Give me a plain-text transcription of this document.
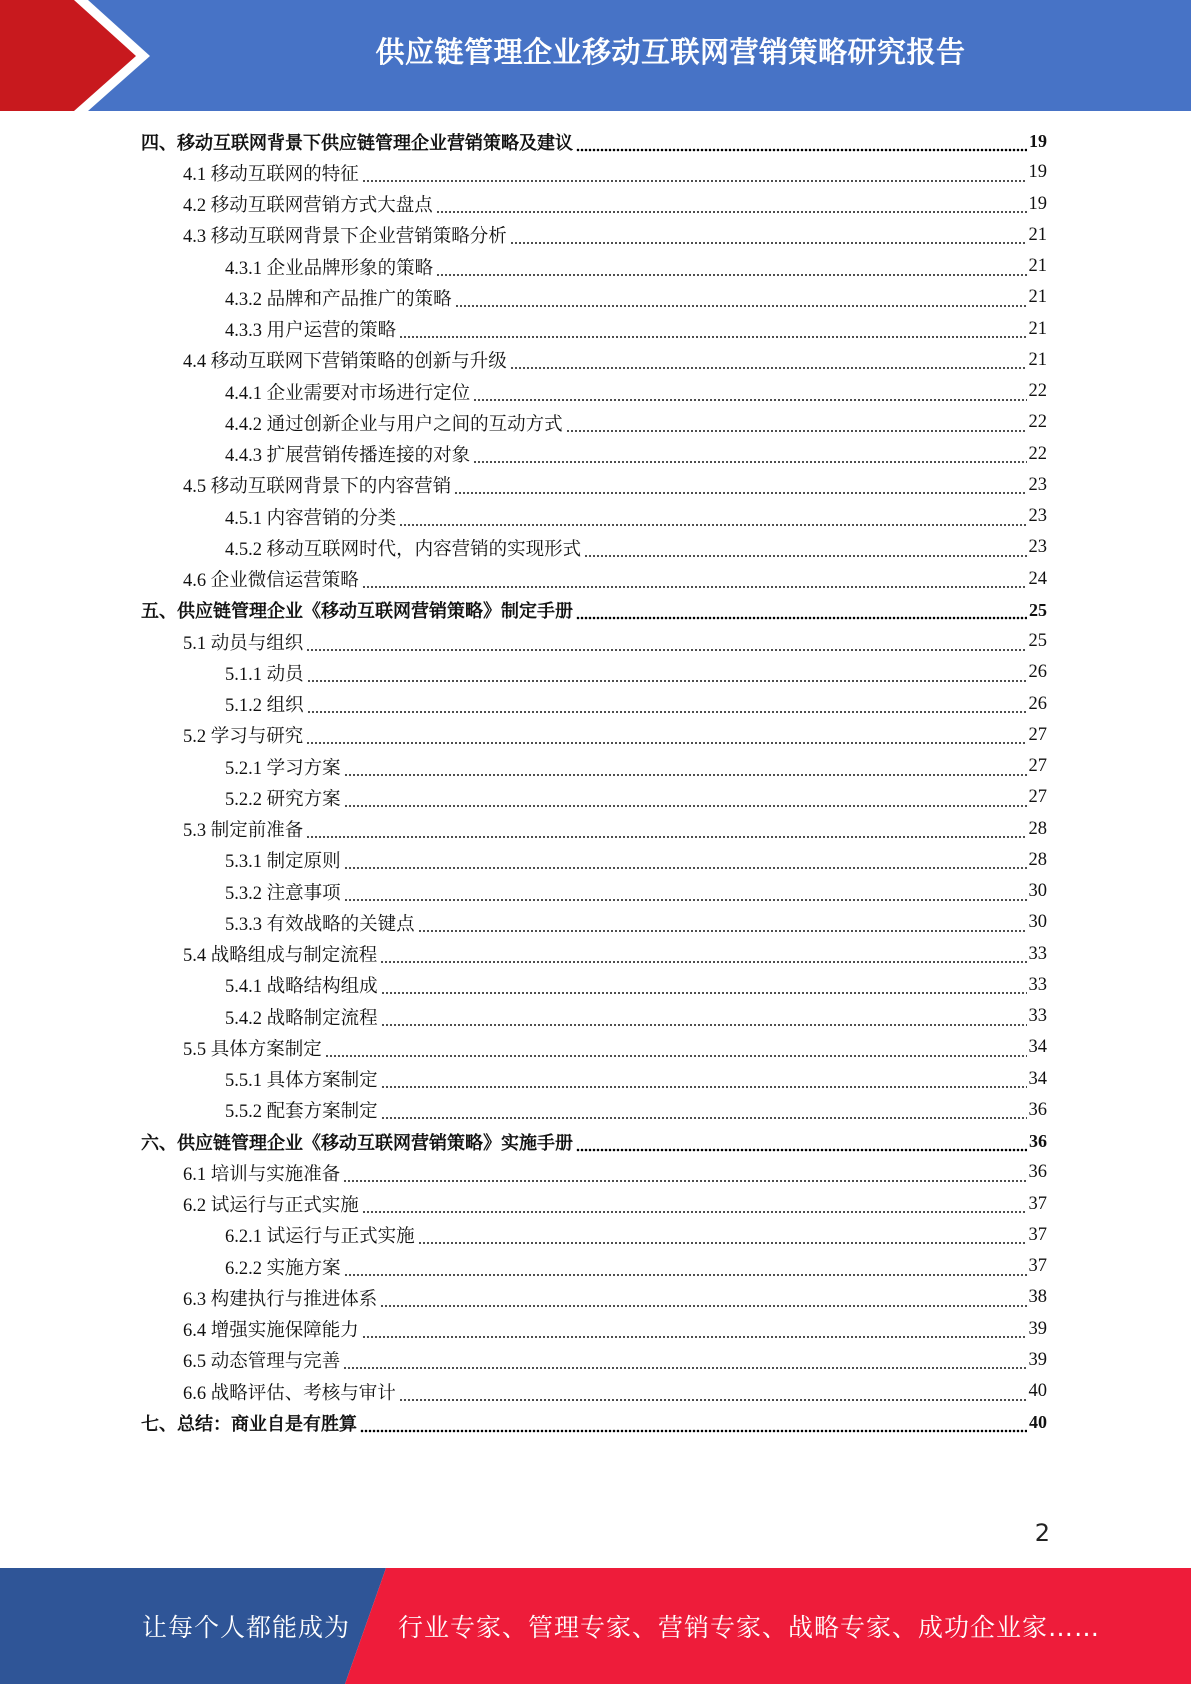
供应链管理企业移动互联网营销策略研究报告
四、移动互联网背景下供应链管理企业营销策略及建议	19
4.1 移动互联网的特征	19
4.2 移动互联网营销方式大盘点	19
4.3 移动互联网背景下企业营销策略分析	21
4.3.1 企业品牌形象的策略	21
4.3.2 品牌和产品推广的策略	21
4.3.3 用户运营的策略	21
4.4 移动互联网下营销策略的创新与升级	21
4.4.1 企业需要对市场进行定位	22
4.4.2 通过创新企业与用户之间的互动方式	22
4.4.3 扩展营销传播连接的对象	22
4.5 移动互联网背景下的内容营销	23
4.5.1 内容营销的分类	23
4.5.2 移动互联网时代，内容营销的实现形式	23
4.6 企业微信运营策略	24
五、供应链管理企业《移动互联网营销策略》制定手册	25
5.1 动员与组织	25
5.1.1 动员	26
5.1.2 组织	26
5.2 学习与研究	27
5.2.1 学习方案	27
5.2.2 研究方案	27
5.3 制定前准备	28
5.3.1 制定原则	28
5.3.2 注意事项	30
5.3.3 有效战略的关键点	30
5.4 战略组成与制定流程	33
5.4.1 战略结构组成	33
5.4.2 战略制定流程	33
5.5 具体方案制定	34
5.5.1 具体方案制定	34
5.5.2 配套方案制定	36
六、供应链管理企业《移动互联网营销策略》实施手册	36
6.1 培训与实施准备	36
6.2 试运行与正式实施	37
6.2.1 试运行与正式实施	37
6.2.2 实施方案	37
6.3 构建执行与推进体系	38
6.4 增强实施保障能力	39
6.5 动态管理与完善	39
6.6 战略评估、考核与审计	40
七、总结：商业自是有胜算	40
2
让每个人都能成为 行业专家、管理专家、营销专家、战略专家、成功企业家……
